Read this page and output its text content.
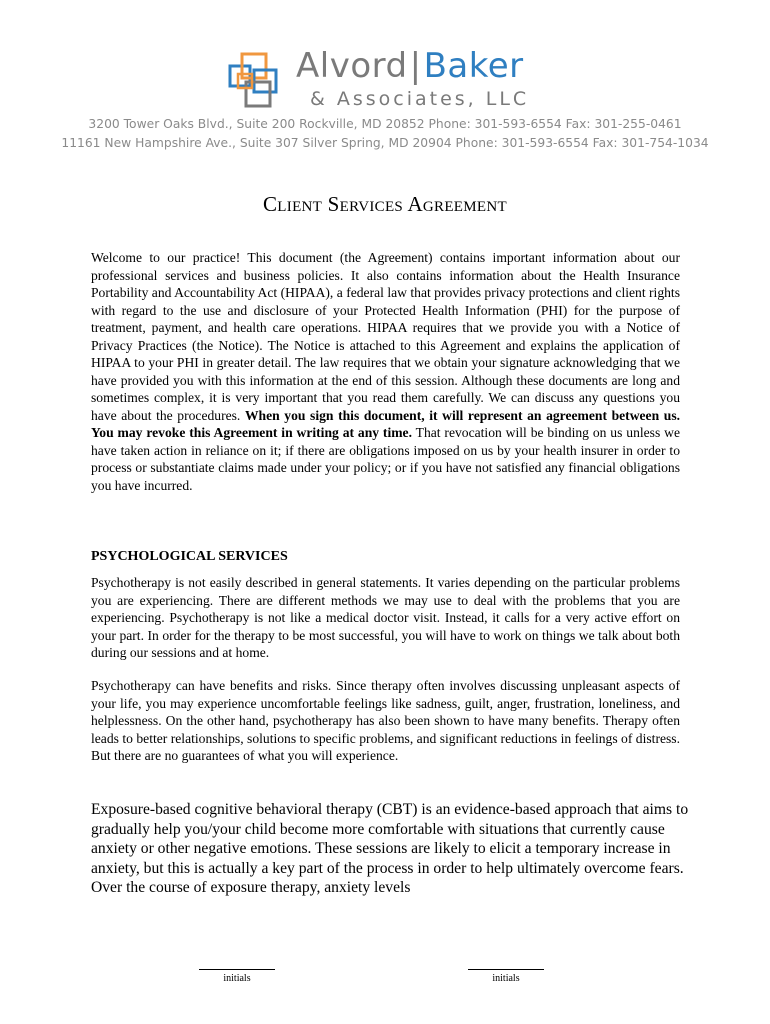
Alvord|Baker
& Associates, LLC
3200 Tower Oaks Blvd., Suite 200 Rockville, MD 20852 Phone: 301-593-6554 Fax: 301-255-0461
11161 New Hampshire Ave., Suite 307 Silver Spring, MD 20904 Phone: 301-593-6554 Fax: 301-754-1034
Client Services Agreement

Welcome to our practice! This document (the Agreement) contains important information about our professional services and business policies. It also contains information about the Health Insurance Portability and Accountability Act (HIPAA), a federal law that provides privacy protections and client rights with regard to the use and disclosure of your Protected Health Information (PHI) for the purpose of treatment, payment, and health care operations. HIPAA requires that we provide you with a Notice of Privacy Practices (the Notice). The Notice is attached to this Agreement and explains the application of HIPAA to your PHI in greater detail. The law requires that we obtain your signature acknowledging that we have provided you with this information at the end of this session. Although these documents are long and sometimes complex, it is very important that you read them carefully. We can discuss any questions you have about the procedures. When you sign this document, it will represent an agreement between us. You may revoke this Agreement in writing at any time. That revocation will be binding on us unless we have taken action in reliance on it; if there are obligations imposed on us by your health insurer in order to process or substantiate claims made under your policy; or if you have not satisfied any financial obligations you have incurred.

PSYCHOLOGICAL SERVICES

Psychotherapy is not easily described in general statements. It varies depending on the particular problems you are experiencing. There are different methods we may use to deal with the problems that you are experiencing. Psychotherapy is not like a medical doctor visit. Instead, it calls for a very active effort on your part. In order for the therapy to be most successful, you will have to work on things we talk about both during our sessions and at home.

Psychotherapy can have benefits and risks. Since therapy often involves discussing unpleasant aspects of your life, you may experience uncomfortable feelings like sadness, guilt, anger, frustration, loneliness, and helplessness. On the other hand, psychotherapy has also been shown to have many benefits. Therapy often leads to better relationships, solutions to specific problems, and significant reductions in feelings of distress. But there are no guarantees of what you will experience.

Exposure-based cognitive behavioral therapy (CBT) is an evidence-based approach that aims to gradually help you/your child become more comfortable with situations that currently cause anxiety or other negative emotions. These sessions are likely to elicit a temporary increase in anxiety, but this is actually a key part of the process in order to help ultimately overcome fears. Over the course of exposure therapy, anxiety levels

initials	initials
